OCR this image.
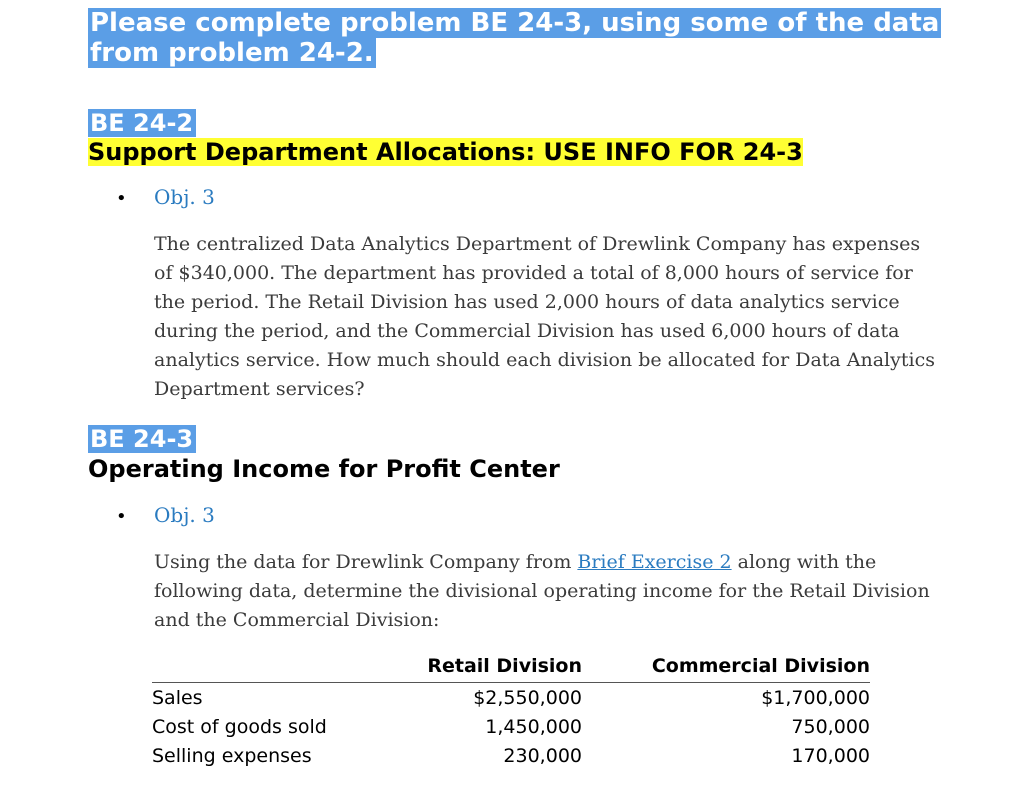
Please complete problem BE 24-3, using some of the data from problem 24-2.
BE 24-2
Support Department Allocations: USE INFO FOR 24-3
• Obj. 3
The centralized Data Analytics Department of Drewlink Company has expenses of $340,000. The department has provided a total of 8,000 hours of service for the period. The Retail Division has used 2,000 hours of data analytics service during the period, and the Commercial Division has used 6,000 hours of data analytics service. How much should each division be allocated for Data Analytics Department services?
BE 24-3
Operating Income for Profit Center
• Obj. 3
Using the data for Drewlink Company from Brief Exercise 2 along with the following data, determine the divisional operating income for the Retail Division and the Commercial Division:
	Retail Division	Commercial Division
Sales	$2,550,000	$1,700,000
Cost of goods sold	1,450,000	750,000
Selling expenses	230,000	170,000
